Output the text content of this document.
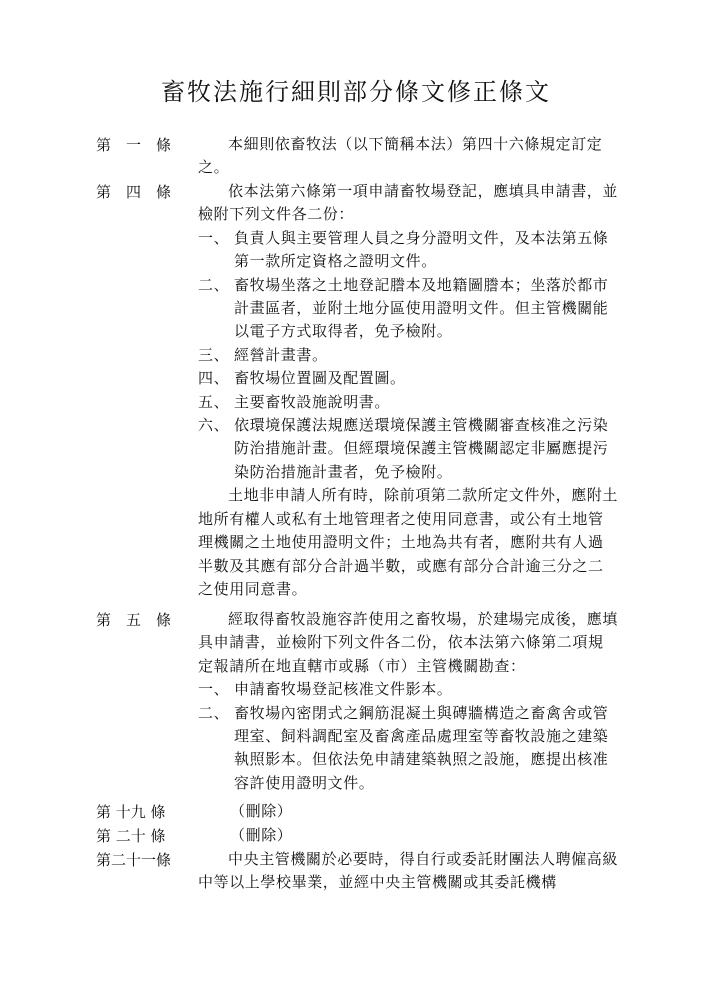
畜牧法施行細則部分條文修正條文
第　一　條	本細則依畜牧法（以下簡稱本法）第四十六條規定訂定之。

第　四　條	依本法第六條第一項申請畜牧場登記，應填具申請書，並檢附下列文件各二份：

一、 負責人與主要管理人員之身分證明文件，及本法第五條第一款所定資格之證明文件。
二、 畜牧場坐落之土地登記謄本及地籍圖謄本；坐落於都市計畫區者，並附土地分區使用證明文件。但主管機關能以電子方式取得者，免予檢附。
三、 經營計畫書。
四、 畜牧場位置圖及配置圖。
五、 主要畜牧設施說明書。
六、 依環境保護法規應送環境保護主管機關審查核准之污染防治措施計畫。但經環境保護主管機關認定非屬應提污染防治措施計畫者，免予檢附。

土地非申請人所有時，除前項第二款所定文件外，應附土地所有權人或私有土地管理者之使用同意書，或公有土地管理機關之土地使用證明文件；土地為共有者，應附共有人過半數及其應有部分合計過半數，或應有部分合計逾三分之二之使用同意書。

第　五　條	經取得畜牧設施容許使用之畜牧場，於建場完成後，應填具申請書，並檢附下列文件各二份，依本法第六條第二項規定報請所在地直轄市或縣（市）主管機關勘查：

一、 申請畜牧場登記核准文件影本。
二、 畜牧場內密閉式之鋼筋混凝土與磚牆構造之畜禽舍或管理室、飼料調配室及畜禽產品處理室等畜牧設施之建築執照影本。但依法免申請建築執照之設施，應提出核准容許使用證明文件。
第 十九 條	（刪除）

第 二十 條	（刪除）

第二十一條	中央主管機關於必要時，得自行或委託財團法人聘僱高級中等以上學校畢業，並經中央主管機關或其委託機構
